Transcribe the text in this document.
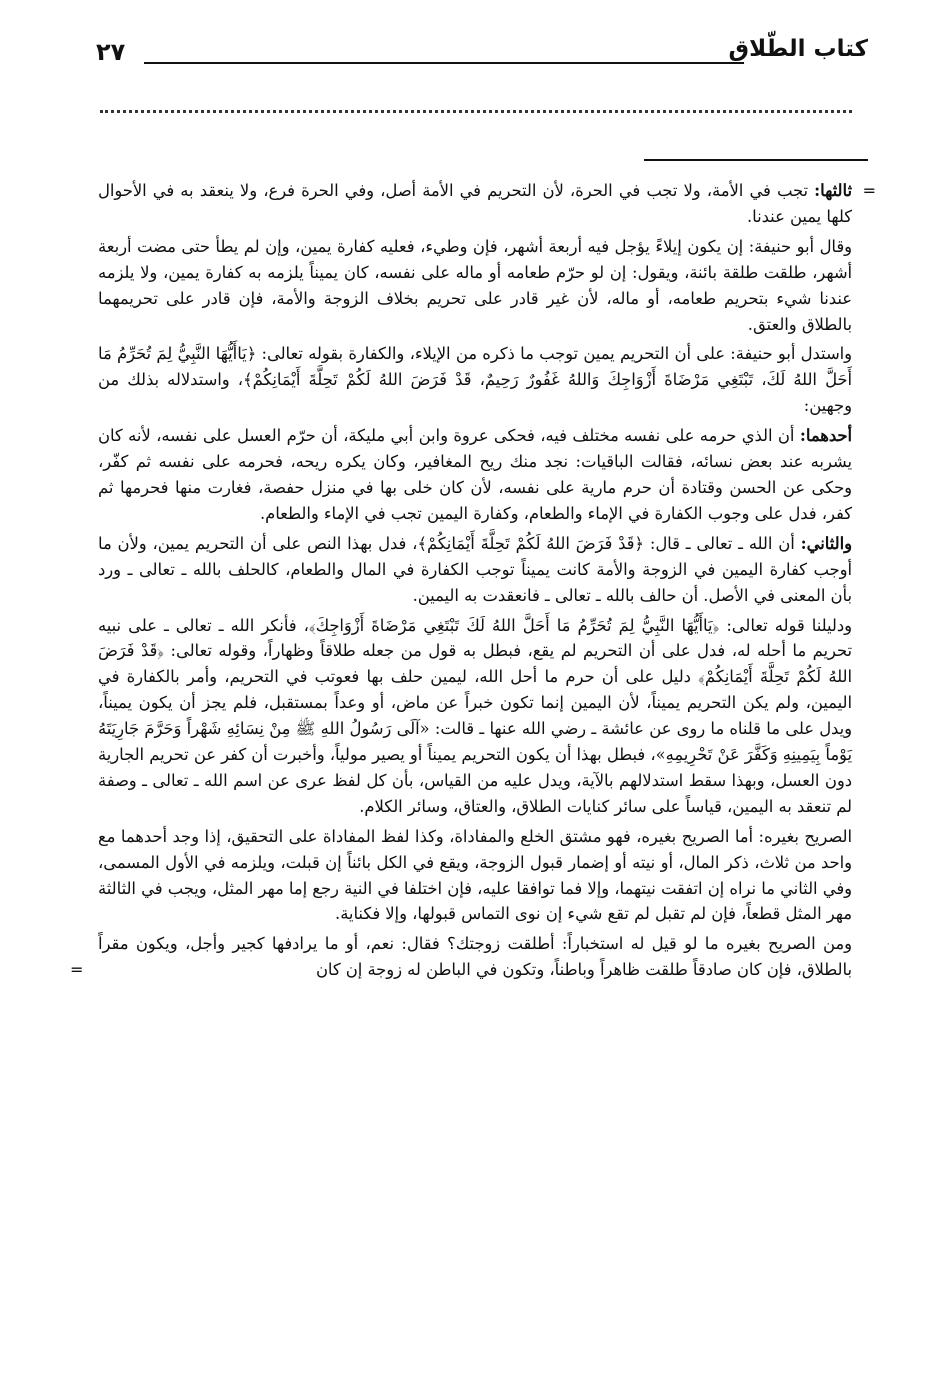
٢٧	كتاب الطّلاق

=
ثالثها: تجب في الأمة، ولا تجب في الحرة، لأن التحريم في الأمة أصل، وفي الحرة فرع، ولا ينعقد به في الأحوال كلها يمين عندنا.

وقال أبو حنيفة: إن يكون إيلاءً يؤجل فيه أربعة أشهر، فإن وطيء، فعليه كفارة يمين، وإن لم يطأ حتى مضت أربعة أشهر، طلقت طلقة بائنة، ويقول: إن لو حرّم طعامه أو ماله على نفسه، كان يميناً يلزمه به كفارة يمين، ولا يلزمه عندنا شيء بتحريم طعامه، أو ماله، لأن غير قادر على تحريم بخلاف الزوجة والأمة، فإن قادر على تحريمهما بالطلاق والعتق.

واستدل أبو حنيفة: على أن التحريم يمين توجب ما ذكره من الإيلاء، والكفارة بقوله تعالى: ﴿يَاأَيُّهَا النَّبِيُّ لِمَ تُحَرِّمُ مَا أَحَلَّ اللهُ لَكَ، تَبْتَغِي مَرْضَاةَ أَزْوَاجِكَ وَاللهُ غَفُورٌ رَحِيمٌ، قَدْ فَرَضَ اللهُ لَكُمْ تَحِلَّةَ أَيْمَانِكُمْ﴾، واستدلاله بذلك من وجهين:

أحدهما: أن الذي حرمه على نفسه مختلف فيه، فحكى عروة وابن أبي مليكة، أن حرّم العسل على نفسه، لأنه كان يشربه عند بعض نسائه، فقالت الباقيات: نجد منك ريح المغافير، وكان يكره ريحه، فحرمه على نفسه ثم كفّر، وحكى عن الحسن وقتادة أن حرم مارية على نفسه، لأن كان خلى بها في منزل حفصة، فغارت منها فحرمها ثم كفر، فدل على وجوب الكفارة في الإماء والطعام، وكفارة اليمين تجب في الإماء والطعام.

والثاني: أن الله ـ تعالى ـ قال: ﴿قَدْ فَرَضَ اللهُ لَكُمْ تَحِلَّةَ أَيْمَانِكُمْ﴾، فدل بهذا النص على أن التحريم يمين، ولأن ما أوجب كفارة اليمين في الزوجة والأمة كانت يميناً توجب الكفارة في المال والطعام، كالحلف بالله ـ تعالى ـ ورد بأن المعنى في الأصل. أن حالف بالله ـ تعالى ـ فانعقدت به اليمين.

ودليلنا قوله تعالى: ﴿يَاأَيُّهَا النَّبِيُّ لِمَ تُحَرِّمُ مَا أَحَلَّ اللهُ لَكَ تَبْتَغِي مَرْضَاةَ أَزْوَاجِكَ﴾، فأنكر الله ـ تعالى ـ على نبيه تحريم ما أحله له، فدل على أن التحريم لم يقع، فبطل به قول من جعله طلاقاً وظهاراً، وقوله تعالى: ﴿قَدْ فَرَضَ اللهُ لَكُمْ تَحِلَّةَ أَيْمَانِكُمْ﴾ دليل على أن حرم ما أحل الله، ليمين حلف بها فعوتب في التحريم، وأمر بالكفارة في اليمين، ولم يكن التحريم يميناً، لأن اليمين إنما تكون خبراً عن ماض، أو وعداً بمستقبل، فلم يجز أن يكون يميناً، ويدل على ما قلناه ما روى عن عائشة ـ رضي الله عنها ـ قالت: «آلَى رَسُولُ اللهِ ﷺ مِنْ نِسَائِهِ شَهْراً وَحَرَّمَ جَارِيَتَهُ يَوْماً بِيَمِينِهِ وَكَفَّرَ عَنْ تَحْرِيمِهِ»، فبطل بهذا أن يكون التحريم يميناً أو يصير مولياً، وأخبرت أن كفر عن تحريم الجارية دون العسل، وبهذا سقط استدلالهم بالآية، ويدل عليه من القياس، بأن كل لفظ عرى عن اسم الله ـ تعالى ـ وصفة لم تنعقد به اليمين، قياساً على سائر كنايات الطلاق، والعتاق، وسائر الكلام.

الصريح بغيره: أما الصريح بغيره، فهو مشتق الخلع والمفاداة، وكذا لفظ المفاداة على التحقيق، إذا وجد أحدهما مع واحد من ثلاث، ذكر المال، أو نيته أو إضمار قبول الزوجة، ويقع في الكل بائناً إن قبلت، ويلزمه في الأول المسمى، وفي الثاني ما نراه إن اتفقت نيتهما، وإلا فما توافقا عليه، فإن اختلفا في النية رجع إما مهر المثل، ويجب في الثالثة مهر المثل قطعاً، فإن لم تقبل لم تقع شيء إن نوى التماس قبولها، وإلا فكناية.

ومن الصريح بغيره ما لو قيل له استخباراً: أطلقت زوجتك؟ فقال: نعم، أو ما يرادفها كجير وأجل، ويكون مقراً بالطلاق، فإن كان صادقاً طلقت ظاهراً وباطناً، وتكون في الباطن له زوجة إن كان
=
